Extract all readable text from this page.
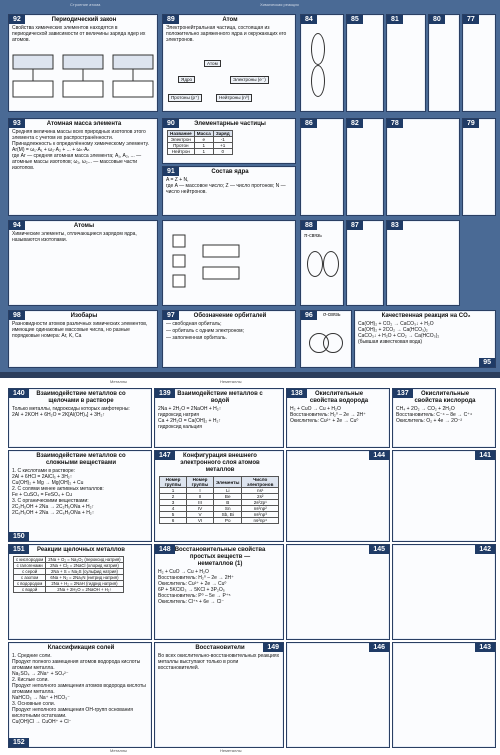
Строение атома	Химическая реакция
92	Периодический закон
Свойства химических элементов находятся в периодической зависимости от величины заряда ядер их атомов.
89	Атом
Электронейтральная частица, состоящая из положительно заряженного ядра и окружающих его электронов.
Атом
Ядро	Электроны (e⁻)
Протоны (p⁺)	Нейтроны (n⁰)
84	85	81	80	77
93	Атомная масса элемента
Средняя величина массы всех природных изотопов этого элемента с учетом их распространённости. Принадлежность к определённому химическому элементу.
Ar(M) = ω₁·A₁ + ω₂·A₂ + ... + ωₙ·Aₙ
где Ar — средняя атомная масса элемента; A₁, A₂, ... — атомные массы изотопов; ω₁, ω₂... — массовые части изотопов.
90	Элементарные частицы
Название	Масса	Заряд
Электрон	e	-1
Протон	1	+1
Нейтрон	1	0
91	Состав ядра
A = Z + N,
где A — массовое число; Z — число протонов; N — число нейтронов.
86	82	78	79
94	Атомы
Химические элементы, отличающиеся зарядом ядра, называются изотопами.
88
π-связь
87	83
98	Изобары
Разновидности атомов различных химических элементов, имеющие одинаковые массовые числа, но разные порядковые номера: Ar, K, Ca
97	Обозначение орбиталей
— свободная орбиталь;
— орбиталь с одним электроном;
— заполненная орбиталь.
96	σ-связь
95
Качественная реакция на CO₂
Ca(OH)₂ + CO₂ → CaCO₃↓ + H₂O
Ca(OH)₂ + 2CO₂ → Ca(HCO₃)₂
CaCO₃↓ + H₂O + CO₂ → Ca(HCO₃)₂
(бывшая известковая вода)
Металлы	Неметаллы
140	Взаимодействие металлов со щелочами в растворе
Только металлы, гидроксиды которых амфотерны:
2Al + 2KOH + 6H₂O = 2K[Al(OH)₄] + 3H₂↑
139	Взаимодействие металлов с водой
2Na + 2H₂O = 2NaOH + H₂↑
гидроксид натрия
Ca + 2H₂O = Ca(OH)₂ + H₂↑
гидроксид кальция
138	Окислительные свойства водорода
H₂ + CuO → Cu + H₂O
Восстановитель: H₂⁰ – 2e → 2H⁺
Окислитель: Cu²⁺ + 2e → Cu⁰
137	Окислительные свойства кислорода
CH₄ + 2O₂ → CO₂ + 2H₂O
Восстановитель: C⁻⁴ – 8e → C⁺⁴
Окислитель: O₂ + 4e → 2O⁻²
150
Взаимодействие металлов со сложными веществами
1. С кислотами в растворе:
2Al + 6HCl = 2AlCl₃ + 3H₂↑
Cu(OH)₂ + Mg → Mg(OH)₂ + Cu
2. С солями менее активных металлов:
Fe + CuSO₄ = FeSO₄ + Cu
3. С органическими веществами:
2C₂H₅OH + 2Na → 2C₂H₅ONa + H₂↑
2C₆H₅OH + 2Na → 2C₆H₅ONa + H₂↑
147	Конфигурация внешнего электронного слоя атомов металлов
Номер группы	Номер группы	Элементы	Число электронов
1	I	Li	ns¹
2	II	Be	2s²
3	III	B	2s²2p¹
4	IV	Sn	ns²np²
5	V	Sb, Bi	ns²np³
6	VI	Po	ns²np⁴
144	141
151	Реакции щелочных металлов
с кислородом	2Na + O₂ = Na₂O₂ (пероксид натрия)
с галогенами	2Na + Cl₂ = 2NaCl (хлорид натрия)
с серой	2Na + S = Na₂S (сульфид натрия)
с азотом	6Na + N₂ = 2Na₃N (нитрид натрия)
с водородом	2Na + H₂ = 2NaH (гидрид натрия)
с водой	2Na + 2H₂O = 2NaOH + H₂↑
148 Восстановительные свойства простых веществ — неметаллов (1)
H₂ + CuO → Cu + H₂O
Восстановитель: H₂⁰ – 2e → 2H⁺
Окислитель: Cu²⁺ + 2e → Cu⁰
6P + 5KClO₃ → 5KCl + 3P₂O₅
Восстановитель: P⁰ – 5e → P⁺⁵
Окислитель: Cl⁺⁵ + 6e → Cl⁻
145	142
152
Классификация солей
1. Средние соли.
Продукт полного замещения атомов водорода кислоты атомами металла.
Na₂SO₄ → 2Na⁺ + SO₄²⁻
2. Кислые соли.
Продукт неполного замещения атомов водорода кислоты атомами металла.
NaHCO₃ → Na⁺ + HCO₃⁻
3. Основные соли.
Продукт неполного замещения OH-групп основания кислотными остатками.
Cu(OH)Cl → CuOH⁺ + Cl⁻
149
Восстановители
Во всех окислительно-восстановительных реакциях металлы выступают только в роли восстановителей.
146	143
Металлы	Неметаллы
